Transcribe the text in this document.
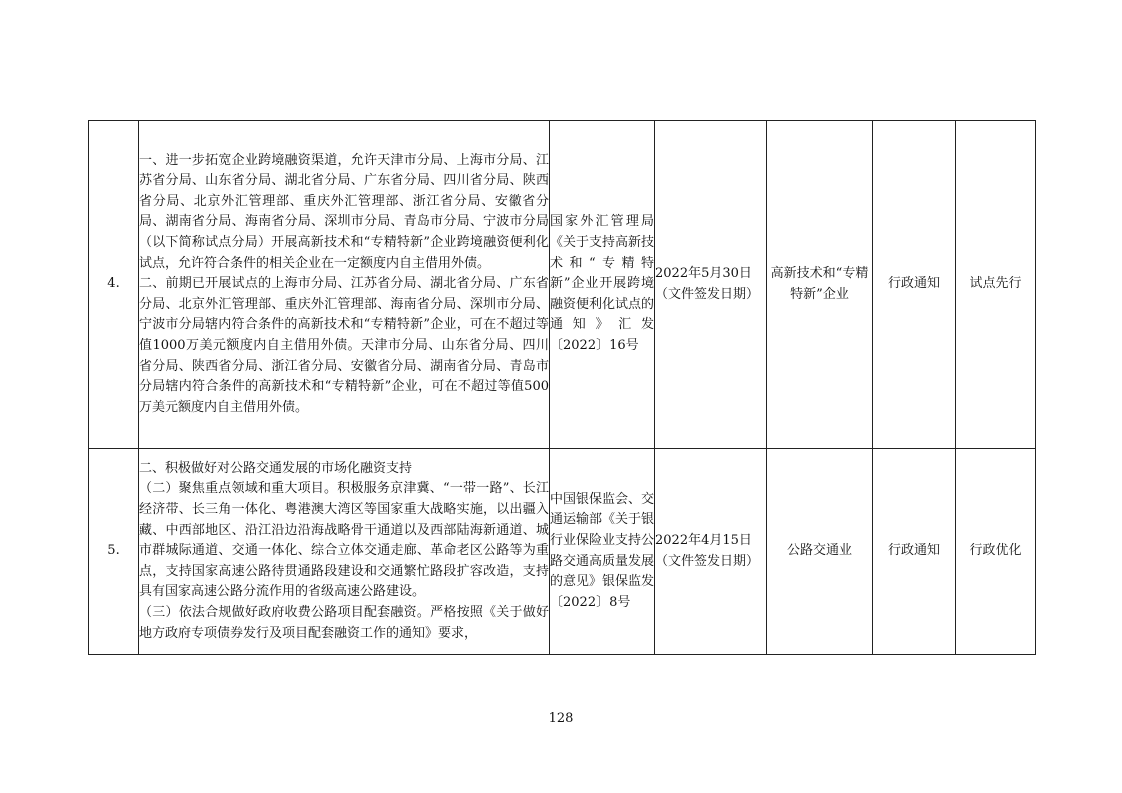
4.	一、进一步拓宽企业跨境融资渠道，允许天津市分局、上海市分局、江苏省分局、山东省分局、湖北省分局、广东省分局、四川省分局、陕西省分局、北京外汇管理部、重庆外汇管理部、浙江省分局、安徽省分局、湖南省分局、海南省分局、深圳市分局、青岛市分局、宁波市分局（以下简称试点分局）开展高新技术和“专精特新”企业跨境融资便利化试点，允许符合条件的相关企业在一定额度内自主借用外债。

二、前期已开展试点的上海市分局、江苏省分局、湖北省分局、广东省分局、北京外汇管理部、重庆外汇管理部、海南省分局、深圳市分局、宁波市分局辖内符合条件的高新技术和“专精特新”企业，可在不超过等值1000万美元额度内自主借用外债。天津市分局、山东省分局、四川省分局、陕西省分局、浙江省分局、安徽省分局、湖南省分局、青岛市分局辖内符合条件的高新技术和“专精特新”企业，可在不超过等值500万美元额度内自主借用外债。	国家外汇管理局《关于支持高新技术和“专精特新”企业开展跨境融资便利化试点的通知》汇发〔2022〕16号	2022年5月30日（文件签发日期）	高新技术和“专精特新”企业	行政通知	试点先行
5.	二、积极做好对公路交通发展的市场化融资支持

（二）聚焦重点领域和重大项目。积极服务京津冀、“一带一路”、长江经济带、长三角一体化、粤港澳大湾区等国家重大战略实施，以出疆入藏、中西部地区、沿江沿边沿海战略骨干通道以及西部陆海新通道、城市群城际通道、交通一体化、综合立体交通走廊、革命老区公路等为重点，支持国家高速公路待贯通路段建设和交通繁忙路段扩容改造，支持具有国家高速公路分流作用的省级高速公路建设。

（三）依法合规做好政府收费公路项目配套融资。严格按照《关于做好地方政府专项债券发行及项目配套融资工作的通知》要求，	中国银保监会、交通运输部《关于银行业保险业支持公路交通高质量发展的意见》银保监发〔2022〕8号	2022年4月15日（文件签发日期）	公路交通业	行政通知	行政优化
128
